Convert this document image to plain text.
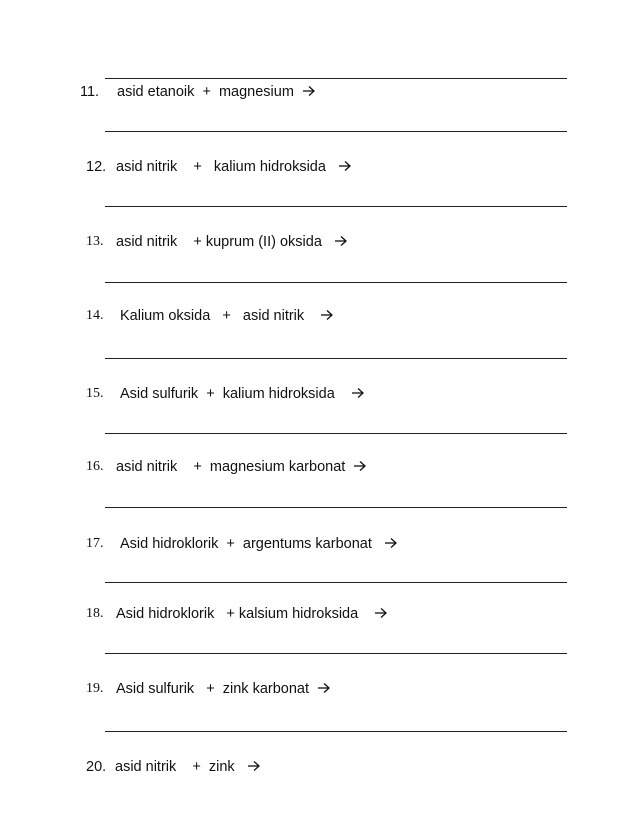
11.

asid etanoik  +  magnesium

12.

asid nitrik    +   kalium hidroksida

13.

asid nitrik    + kuprum (II) oksida

14.

Kalium oksida   +   asid nitrik

15.

Asid sulfurik  +  kalium hidroksida

16.

asid nitrik    +  magnesium karbonat

17.

Asid hidroklorik  +  argentums karbonat

18.

Asid hidroklorik   + kalsium hidroksida

19.

Asid sulfurik   +  zink karbonat

20.

asid nitrik    +  zink
